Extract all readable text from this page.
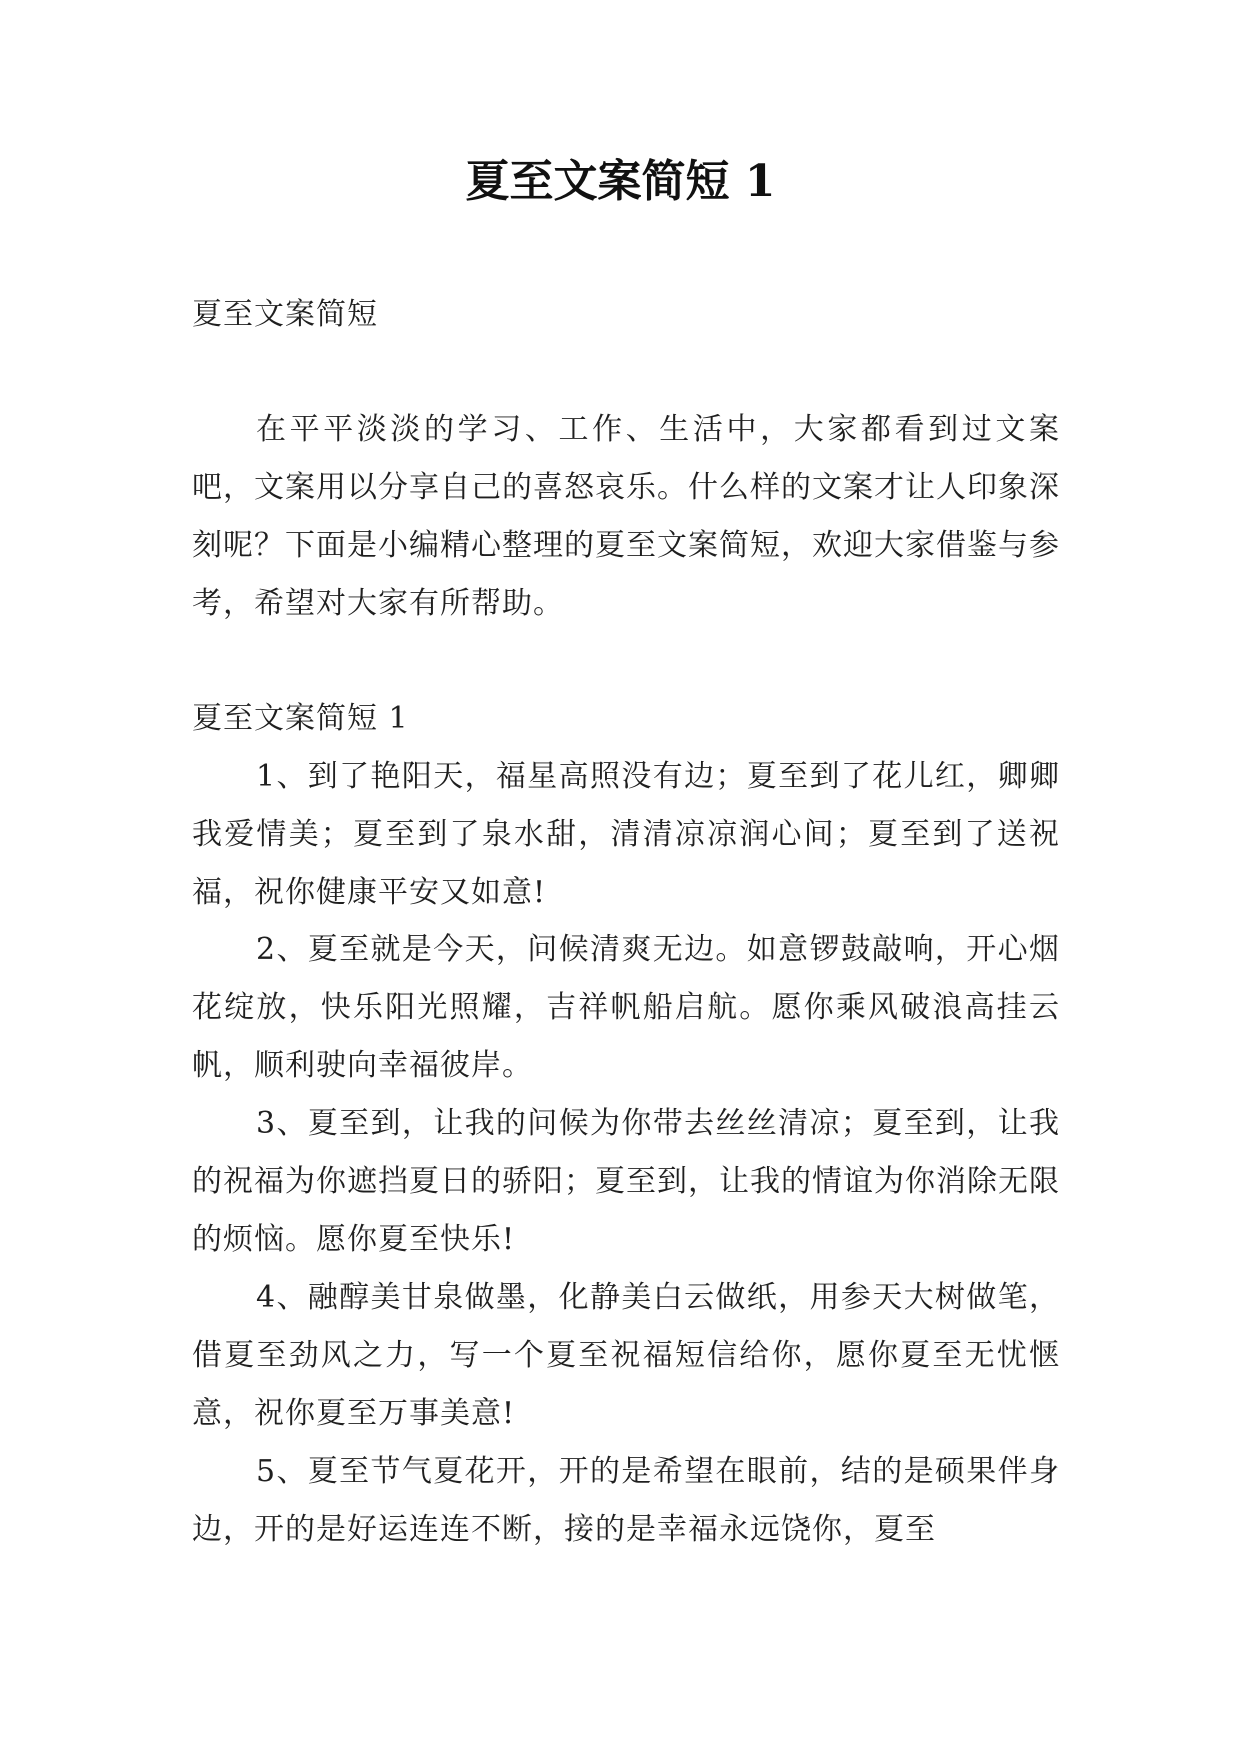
夏至文案简短 1

夏至文案简短

在平平淡淡的学习、工作、生活中，大家都看到过文案吧，文案用以分享自己的喜怒哀乐。什么样的文案才让人印象深刻呢？下面是小编精心整理的夏至文案简短，欢迎大家借鉴与参考，希望对大家有所帮助。

夏至文案简短 1

1、到了艳阳天，福星高照没有边；夏至到了花儿红，卿卿我爱情美；夏至到了泉水甜，清清凉凉润心间；夏至到了送祝福，祝你健康平安又如意!

2、夏至就是今天，问候清爽无边。如意锣鼓敲响，开心烟花绽放，快乐阳光照耀，吉祥帆船启航。愿你乘风破浪高挂云帆，顺利驶向幸福彼岸。

3、夏至到，让我的问候为你带去丝丝清凉；夏至到，让我的祝福为你遮挡夏日的骄阳；夏至到，让我的情谊为你消除无限的烦恼。愿你夏至快乐!

4、融醇美甘泉做墨，化静美白云做纸，用参天大树做笔，借夏至劲风之力，写一个夏至祝福短信给你，愿你夏至无忧惬意，祝你夏至万事美意!

5、夏至节气夏花开，开的是希望在眼前，结的是硕果伴身边，开的是好运连连不断，接的是幸福永远饶你，夏至
